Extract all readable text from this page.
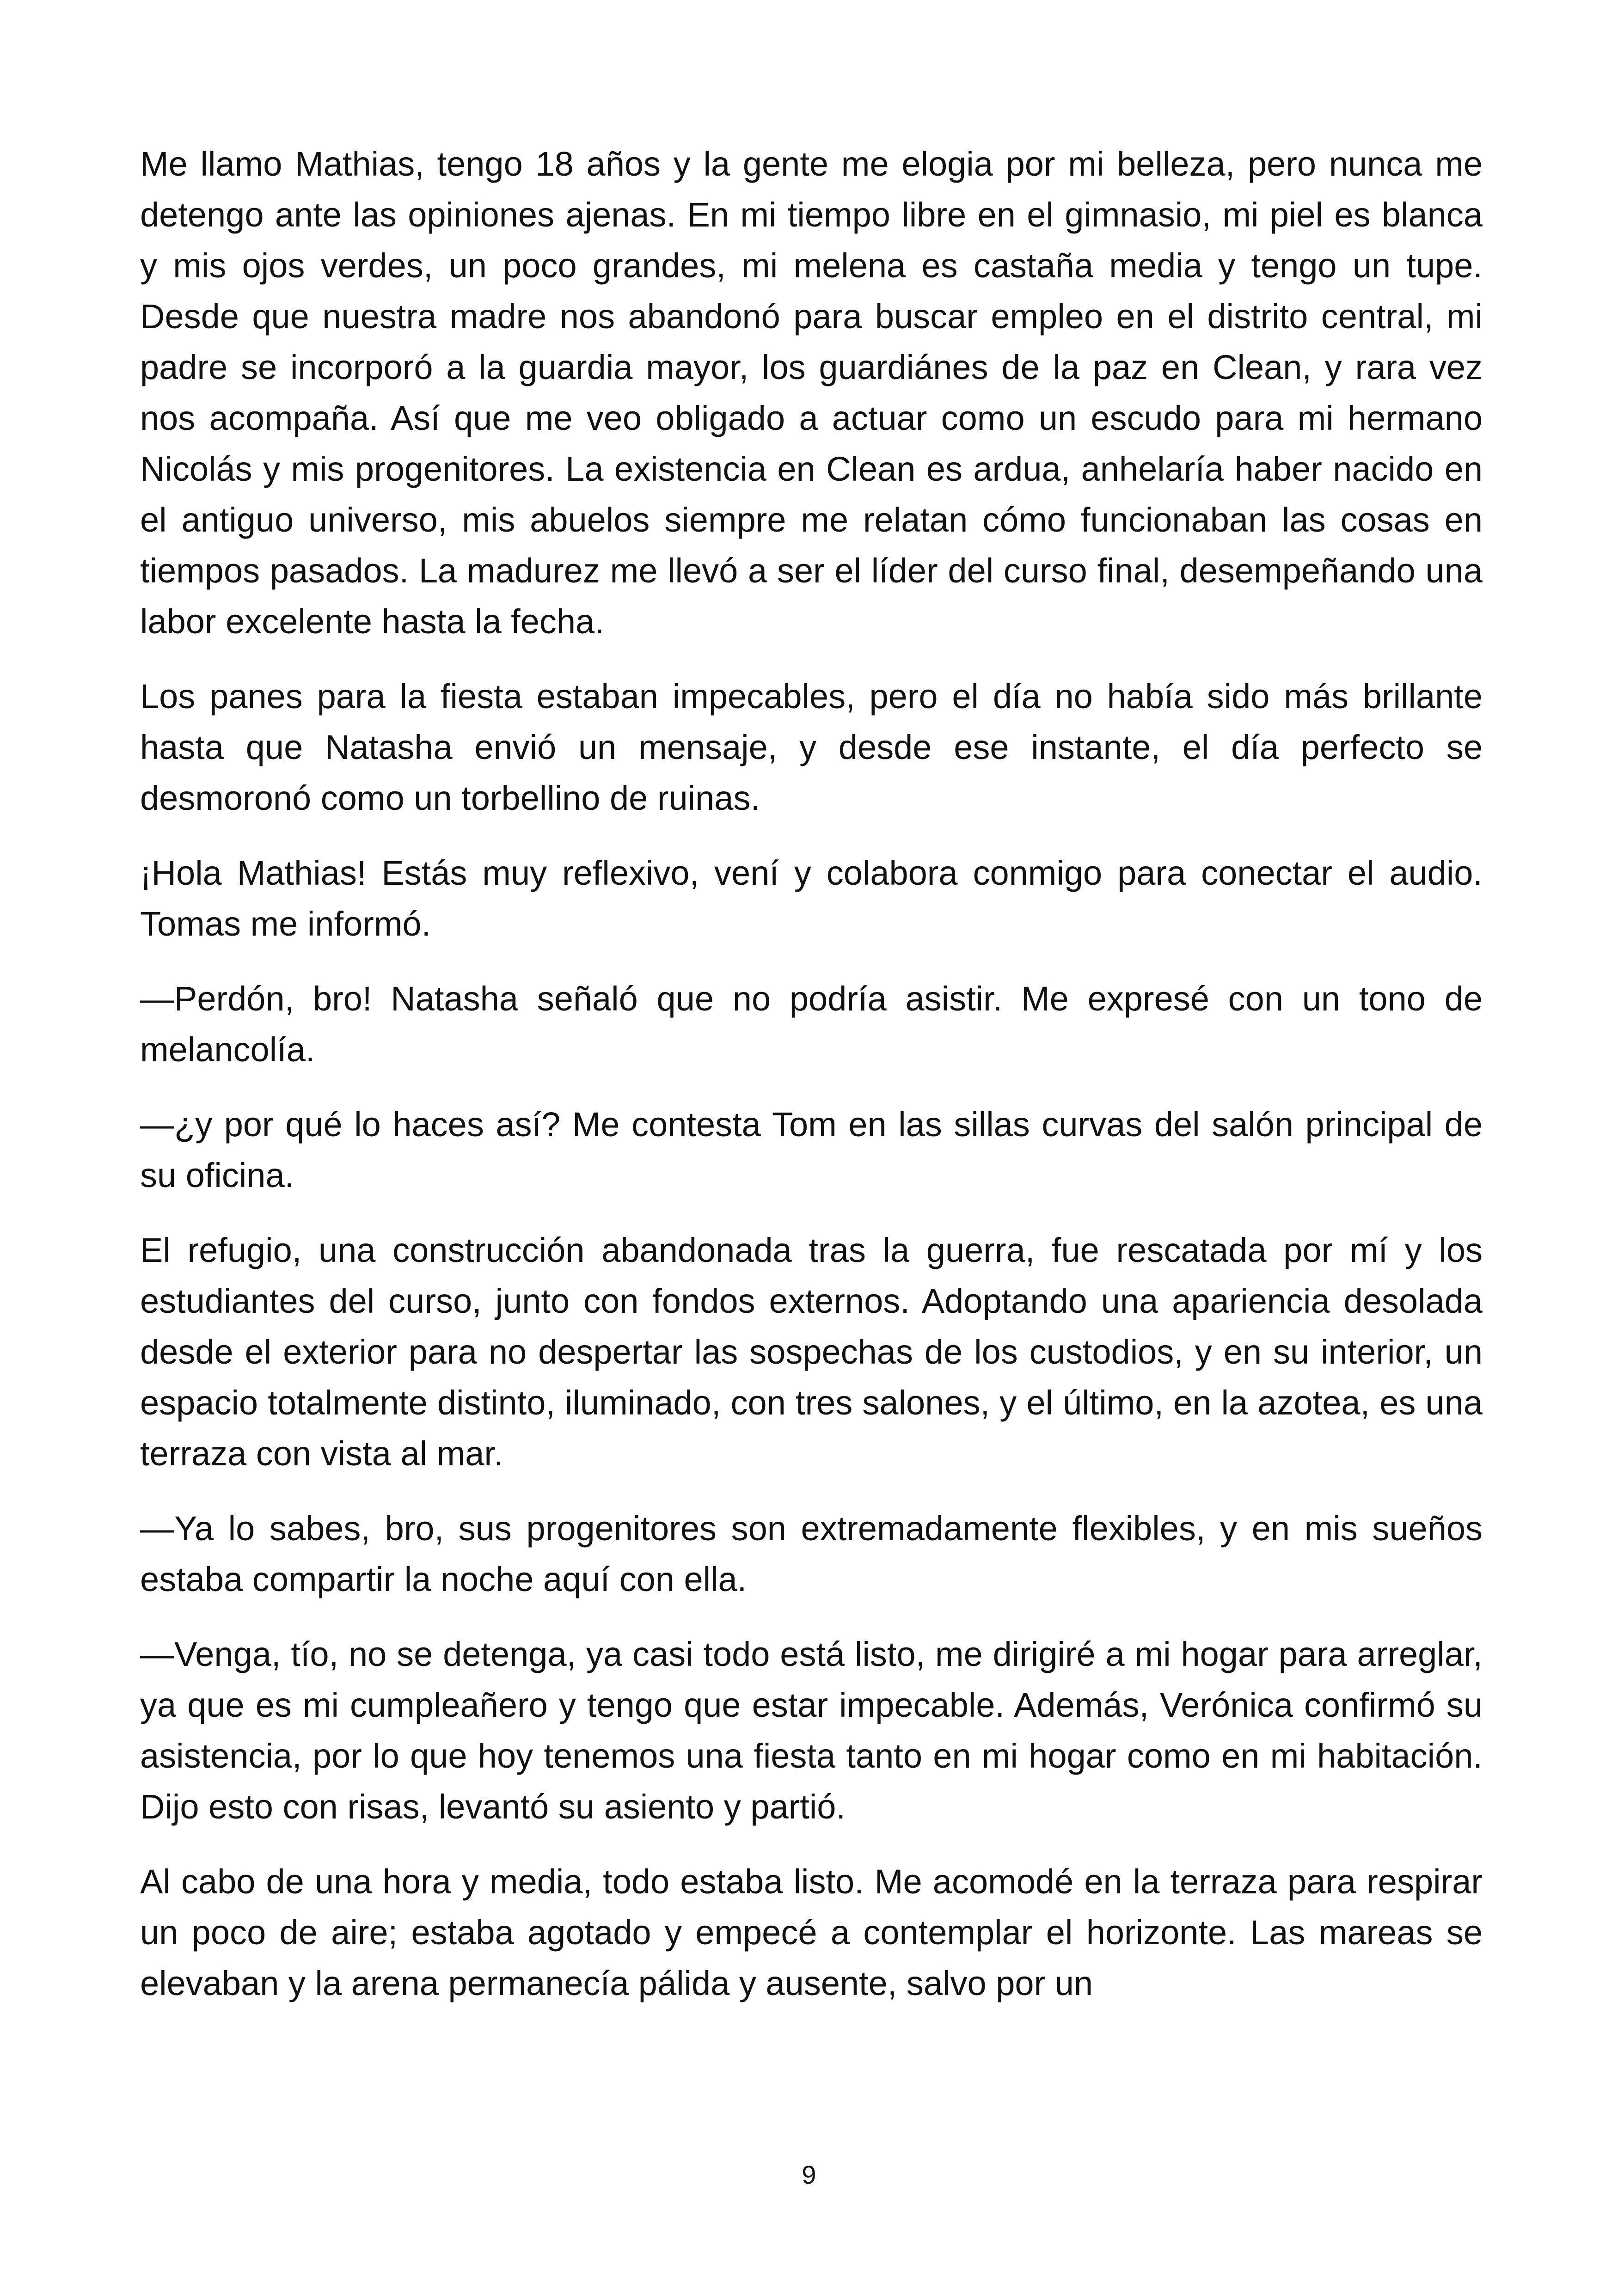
Me llamo Mathias, tengo 18 años y la gente me elogia por mi belleza, pero nunca me detengo ante las opiniones ajenas. En mi tiempo libre en el gimnasio, mi piel es blanca y mis ojos verdes, un poco grandes, mi melena es castaña media y tengo un tupe. Desde que nuestra madre nos abandonó para buscar empleo en el distrito central, mi padre se incorporó a la guardia mayor, los guardiánes de la paz en Clean, y rara vez nos acompaña. Así que me veo obligado a actuar como un escudo para mi hermano Nicolás y mis progenitores. La existencia en Clean es ardua, anhelaría haber nacido en el antiguo universo, mis abuelos siempre me relatan cómo funcionaban las cosas en tiempos pasados. La madurez me llevó a ser el líder del curso final, desempeñando una labor excelente hasta la fecha.

Los panes para la fiesta estaban impecables, pero el día no había sido más brillante hasta que Natasha envió un mensaje, y desde ese instante, el día perfecto se desmoronó como un torbellino de ruinas.

¡Hola Mathias! Estás muy reflexivo, vení y colabora conmigo para conectar el audio. Tomas me informó.

—Perdón, bro! Natasha señaló que no podría asistir. Me expresé con un tono de melancolía.

—¿y por qué lo haces así? Me contesta Tom en las sillas curvas del salón principal de su oficina.

El refugio, una construcción abandonada tras la guerra, fue rescatada por mí y los estudiantes del curso, junto con fondos externos. Adoptando una apariencia desolada desde el exterior para no despertar las sospechas de los custodios, y en su interior, un espacio totalmente distinto, iluminado, con tres salones, y el último, en la azotea, es una terraza con vista al mar.

—Ya lo sabes, bro, sus progenitores son extremadamente flexibles, y en mis sueños estaba compartir la noche aquí con ella.

—Venga, tío, no se detenga, ya casi todo está listo, me dirigiré a mi hogar para arreglar, ya que es mi cumpleañero y tengo que estar impecable. Además, Verónica confirmó su asistencia, por lo que hoy tenemos una fiesta tanto en mi hogar como en mi habitación. Dijo esto con risas, levantó su asiento y partió.

Al cabo de una hora y media, todo estaba listo. Me acomodé en la terraza para respirar un poco de aire; estaba agotado y empecé a contemplar el horizonte. Las mareas se elevaban y la arena permanecía pálida y ausente, salvo por un

9
